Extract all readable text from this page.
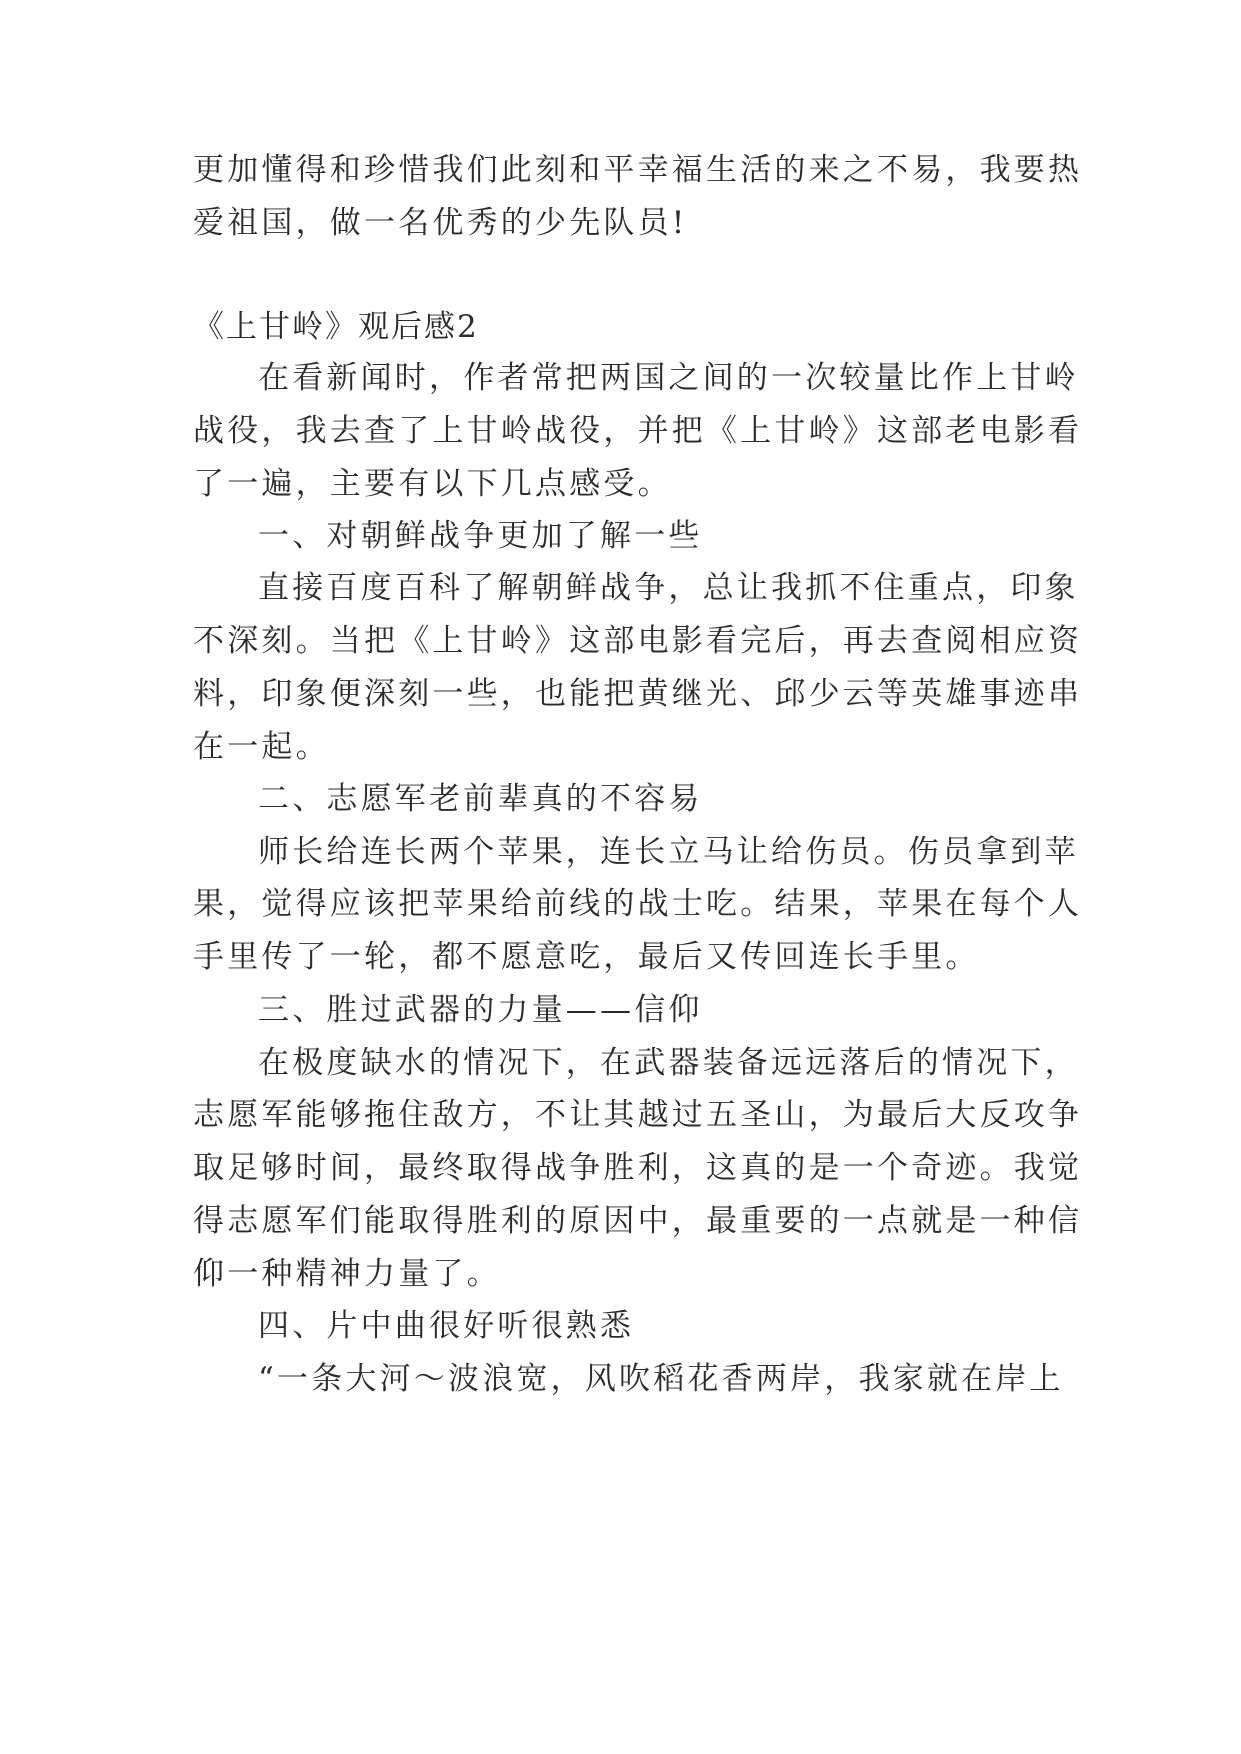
更加懂得和珍惜我们此刻和平幸福生活的来之不易，我要热
爱祖国，做一名优秀的少先队员!
《上甘岭》观后感2
在看新闻时，作者常把两国之间的一次较量比作上甘岭
战役，我去查了上甘岭战役，并把《上甘岭》这部老电影看
了一遍，主要有以下几点感受。
一、对朝鲜战争更加了解一些
直接百度百科了解朝鲜战争，总让我抓不住重点，印象
不深刻。当把《上甘岭》这部电影看完后，再去查阅相应资
料，印象便深刻一些，也能把黄继光、邱少云等英雄事迹串
在一起。
二、志愿军老前辈真的不容易
师长给连长两个苹果，连长立马让给伤员。伤员拿到苹
果，觉得应该把苹果给前线的战士吃。结果，苹果在每个人
手里传了一轮，都不愿意吃，最后又传回连长手里。
三、胜过武器的力量——信仰
在极度缺水的情况下，在武器装备远远落后的情况下，
志愿军能够拖住敌方，不让其越过五圣山，为最后大反攻争
取足够时间，最终取得战争胜利，这真的是一个奇迹。我觉
得志愿军们能取得胜利的原因中，最重要的一点就是一种信
仰一种精神力量了。
四、片中曲很好听很熟悉
“一条大河～波浪宽，风吹稻花香两岸，我家就在岸上
